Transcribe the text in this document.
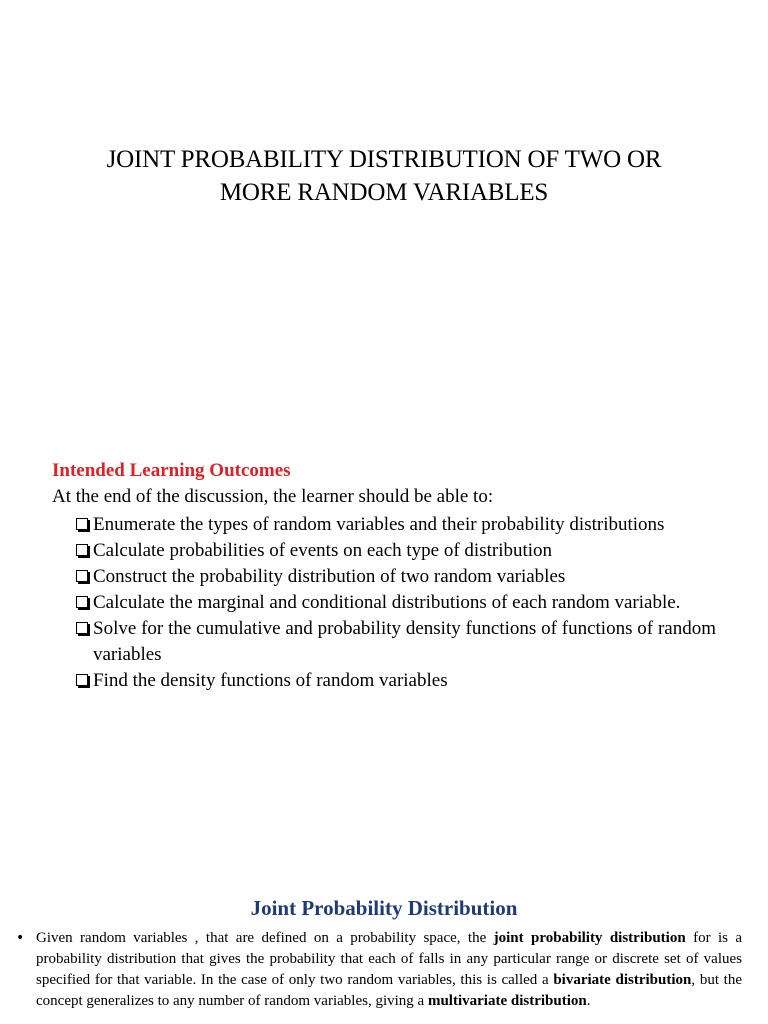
JOINT PROBABILITY DISTRIBUTION OF TWO OR
MORE RANDOM VARIABLES
Intended Learning Outcomes
At the end of the discussion, the learner should be able to:
Enumerate the types of random variables and their probability distributions
Calculate probabilities of events on each type of distribution
Construct the probability distribution of two random variables
Calculate the marginal and conditional distributions of each random variable.
Solve for the cumulative and probability density functions of functions of random variables
Find the density functions of random variables
Joint Probability Distribution
• Given random variables , that are defined on a probability space, the joint probability distribution for is a probability distribution that gives the probability that each of falls in any particular range or discrete set of values specified for that variable. In the case of only two random variables, this is called a bivariate distribution, but the concept generalizes to any number of random variables, giving a multivariate distribution.
